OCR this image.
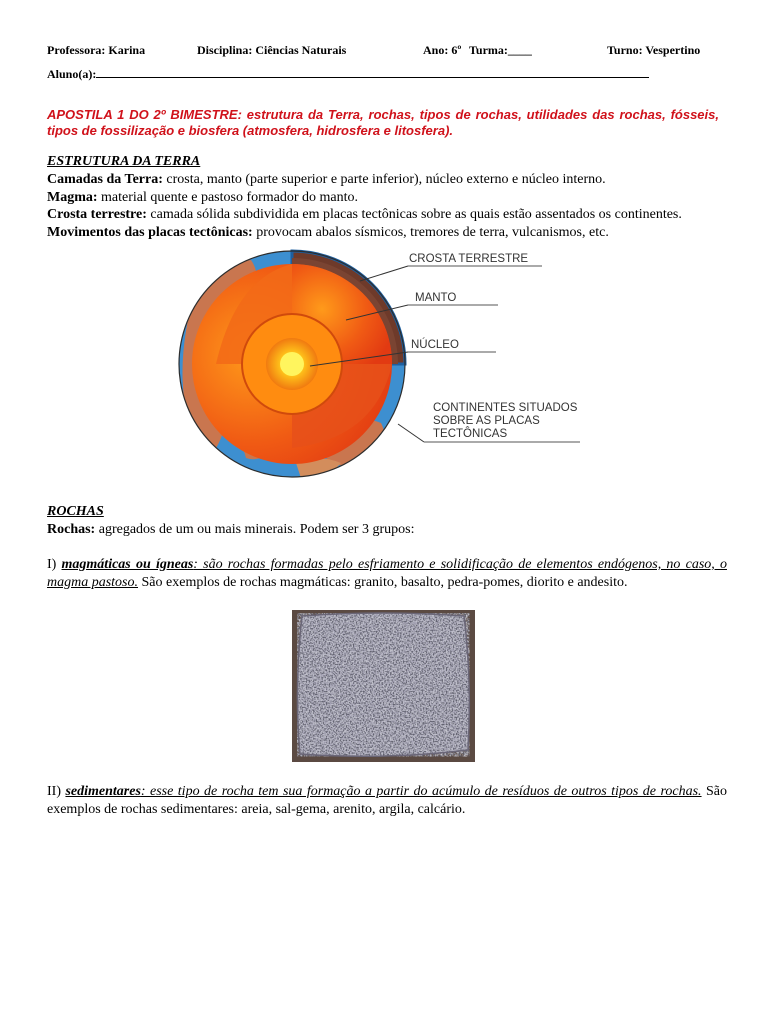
Professora: Karina	Disciplina: Ciências Naturais	Ano: 6º Turma:____	Turno: Vespertino
Aluno(a):
APOSTILA 1 DO 2º BIMESTRE: estrutura da Terra, rochas, tipos de rochas, utilidades das rochas, fósseis, tipos de fossilização e biosfera (atmosfera, hidrosfera e litosfera).
ESTRUTURA DA TERRA
Camadas da Terra: crosta, manto (parte superior e parte inferior), núcleo externo e núcleo interno.
Magma: material quente e pastoso formador do manto.
Crosta terrestre: camada sólida subdividida em placas tectônicas sobre as quais estão assentados os continentes.
Movimentos das placas tectônicas: provocam abalos sísmicos, tremores de terra, vulcanismos, etc.
CROSTA TERRESTRE
MANTO
NÚCLEO
CONTINENTES SITUADOS
SOBRE AS PLACAS
TECTÔNICAS
ROCHAS
Rochas: agregados de um ou mais minerais. Podem ser 3 grupos:
I) magmáticas ou ígneas: são rochas formadas pelo esfriamento e solidificação de elementos endógenos, no caso, o magma pastoso. São exemplos de rochas magmáticas: granito, basalto, pedra-pomes, diorito e andesito.
II) sedimentares: esse tipo de rocha tem sua formação a partir do acúmulo de resíduos de outros tipos de rochas. São exemplos de rochas sedimentares: areia, sal-gema, arenito, argila, calcário.
